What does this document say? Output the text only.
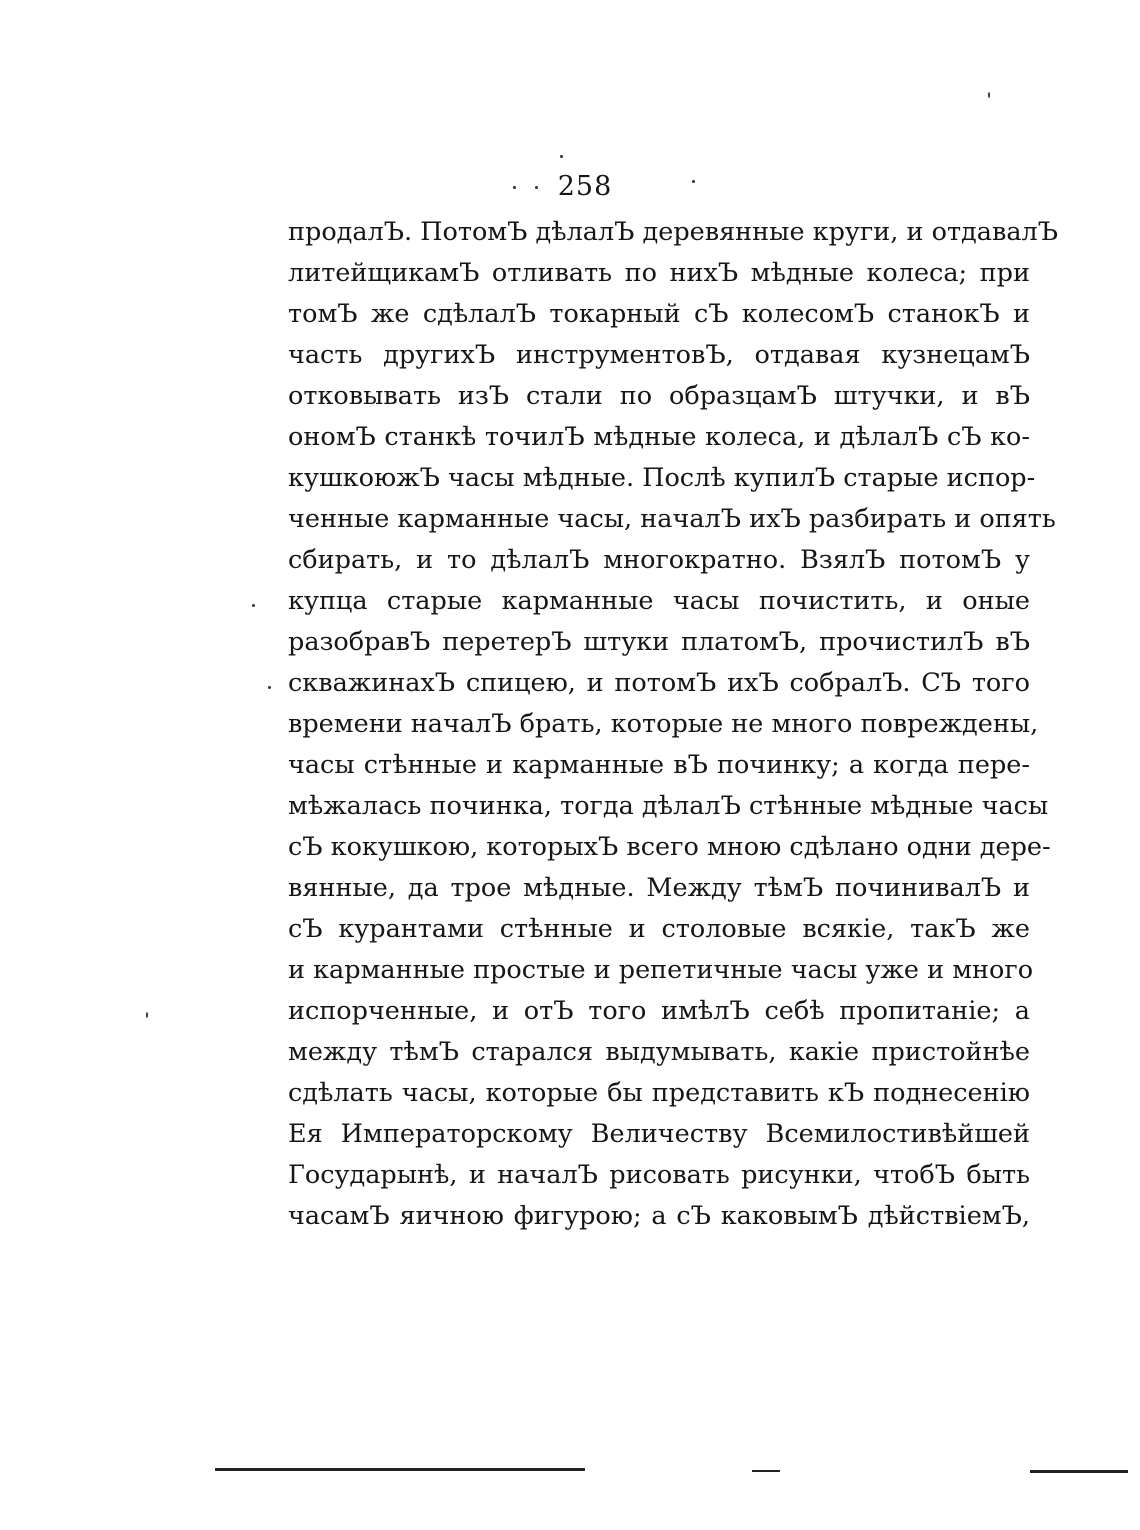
258
продалЪ. ПотомЪ дѣлалЪ деревянные круги, и отдавалЪ
литейщикамЪ отливать по нихЪ мѣдные колеса; при
томЪ же сдѣлалЪ токарный сЪ колесомЪ станокЪ и
часть другихЪ инструментовЪ, отдавая кузнецамЪ
отковывать изЪ стали по образцамЪ штучки, и вЪ
ономЪ станкѣ точилЪ мѣдные колеса, и дѣлалЪ сЪ ко-
кушкоюжЪ часы мѣдные. Послѣ купилЪ старые испор-
ченные карманные часы, началЪ ихЪ разбирать и опять
сбирать, и то дѣлалЪ многократно. ВзялЪ потомЪ у
купца старые карманные часы почистить, и оные
разобравЪ перетерЪ штуки платомЪ, прочистилЪ вЪ
скважинахЪ спицею, и потомЪ ихЪ собралЪ. СЪ того
времени началЪ брать, которые не много повреждены,
часы стѣнные и карманные вЪ починку; а когда пере-
мѣжалась починка, тогда дѣлалЪ стѣнные мѣдные часы
сЪ кокушкою, которыхЪ всего мною сдѣлано одни дере-
вянные, да трое мѣдные. Между тѣмЪ починивалЪ и
сЪ курантами стѣнные и столовые всякіе, такЪ же
и карманные простые и репетичные часы уже и много
испорченные, и отЪ того имѣлЪ себѣ пропитаніе; а
между тѣмЪ старался выдумывать, какіе пристойнѣе
сдѣлать часы, которые бы представить кЪ поднесенію
Ея Императорскому Величеству Всемилостивѣйшей
Государынѣ, и началЪ рисовать рисунки, чтобЪ быть
часамЪ яичною фигурою; а сЪ каковымЪ дѣйствіемЪ,
